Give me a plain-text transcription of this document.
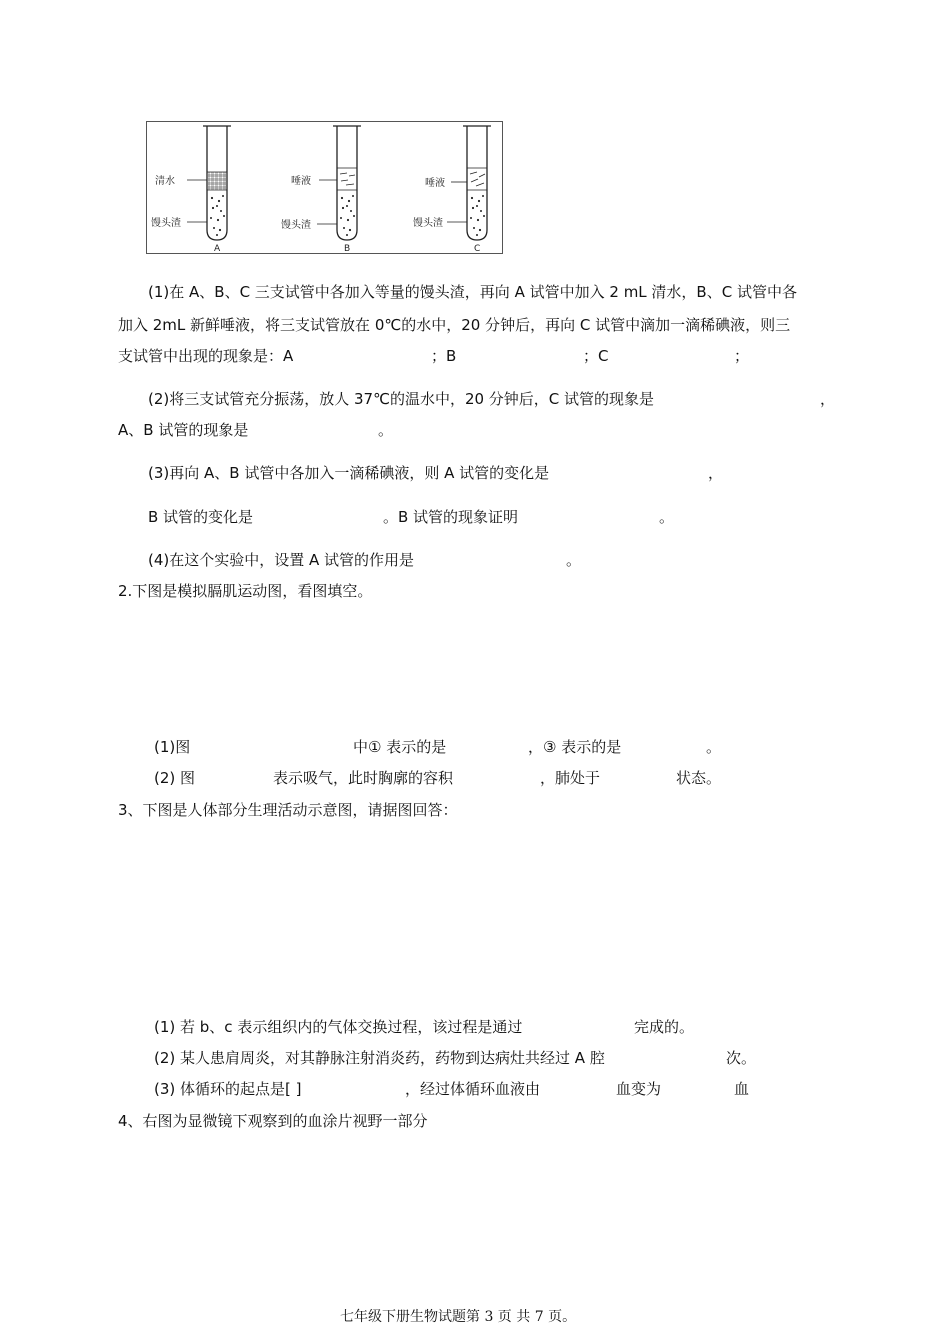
清水
馒头渣
A
唾液
馒头渣
B
唾液
馒头渣
C
(1)在 A、B、C 三支试管中各加入等量的馒头渣，再向 A 试管中加入 2 mL 清水，B、C 试管中各
加入 2mL 新鲜唾液，将三支试管放在 0℃的水中，20 分钟后，再向 C 试管中滴加一滴稀碘液，则三
支试管中出现的现象是：A	；B	；C	；
(2)将三支试管充分振荡，放人 37℃的温水中，20 分钟后，C 试管的现象是	，
A、B 试管的现象是	。
(3)再向 A、B 试管中各加入一滴稀碘液，则 A 试管的变化是	，
B 试管的变化是	。B 试管的现象证明	。
(4)在这个实验中，设置 A 试管的作用是	。
2.下图是模拟膈肌运动图，看图填空。
(1)图	中① 表示的是	，③ 表示的是	。
(2) 图	表示吸气，此时胸廓的容积	，肺处于	状态。
3、下图是人体部分生理活动示意图，请据图回答：
(1) 若 b、c 表示组织内的气体交换过程，该过程是通过	完成的。
(2) 某人患肩周炎，对其静脉注射消炎药，药物到达病灶共经过 A 腔	次。
(3) 体循环的起点是[ ]	，经过体循环血液由	血变为	血
4、右图为显微镜下观察到的血涂片视野一部分
七年级下册生物试题第 3 页 共 7 页。
